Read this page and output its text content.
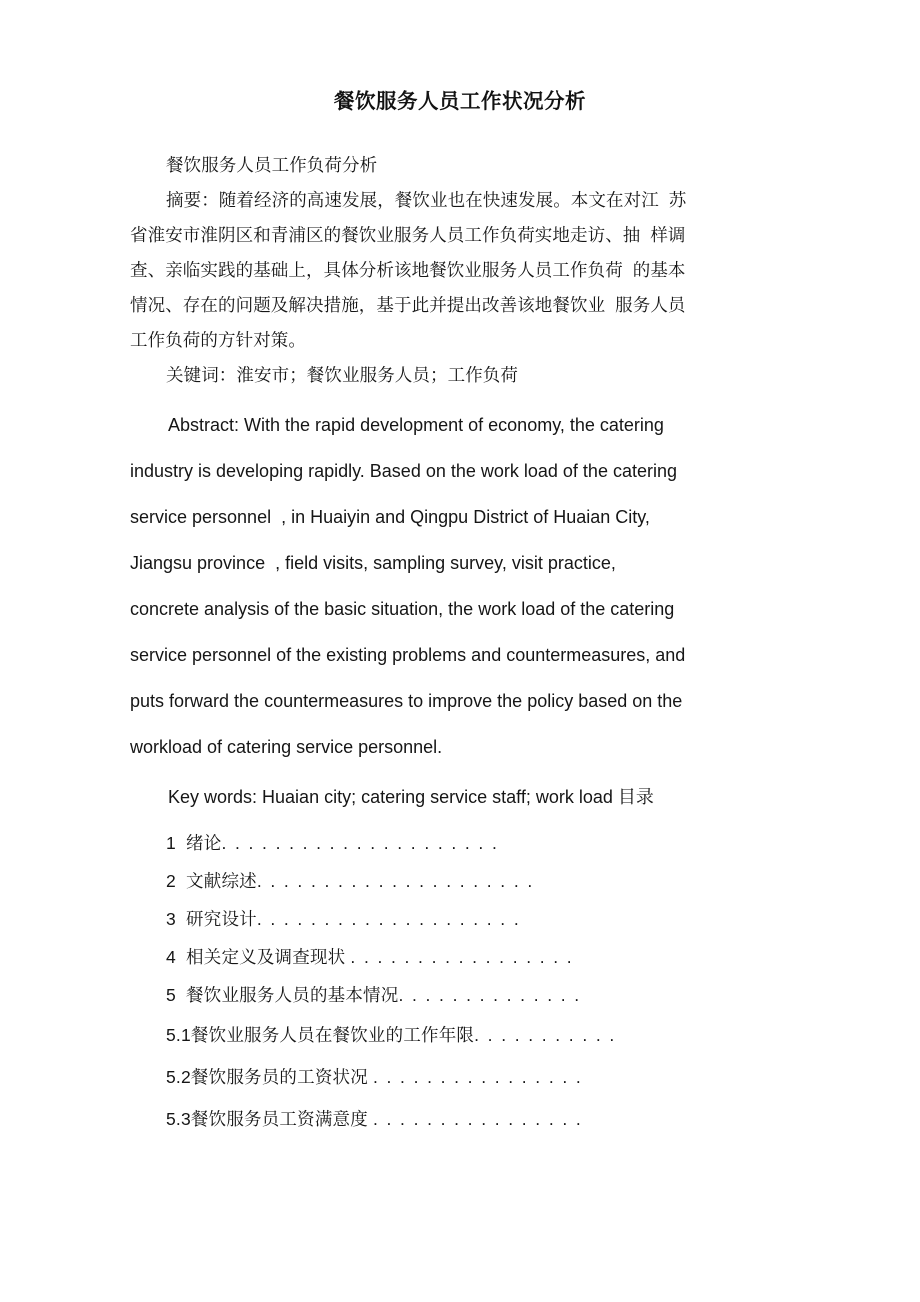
餐饮服务人员工作状况分析
餐饮服务人员工作负荷分析
摘要：随着经济的高速发展，餐饮业也在快速发展。本文在对江  苏
省淮安市淮阴区和青浦区的餐饮业服务人员工作负荷实地走访、抽  样调
查、亲临实践的基础上，具体分析该地餐饮业服务人员工作负荷  的基本
情况、存在的问题及解决措施，基于此并提出改善该地餐饮业  服务人员
工作负荷的方针对策。
关键词：淮安市；餐饮业服务人员；工作负荷
Abstract: With the rapid development of economy, the catering
industry is developing rapidly. Based on the work load of the catering
service personnel  , in Huaiyin and Qingpu District of Huaian City,
Jiangsu province  , field visits, sampling survey, visit practice,
concrete analysis of the basic situation, the work load of the catering
service personnel of the existing problems and countermeasures, and
puts forward the countermeasures to improve the policy based on the
workload of catering service personnel.
Key words: Huaian city; catering service staff; work load 目录
1  绪论. . . . . . . . . . . . . . . . . . . . .
2  文献综述. . . . . . . . . . . . . . . . . . . . .
3  研究设计. . . . . . . . . . . . . . . . . . . .
4  相关定义及调查现状 . . . . . . . . . . . . . . . . .
5  餐饮业服务人员的基本情况. . . . . . . . . . . . . .
5.1餐饮业服务人员在餐饮业的工作年限. . . . . . . . . . .
5.2餐饮服务员的工资状况 . . . . . . . . . . . . . . . .
5.3餐饮服务员工资满意度 . . . . . . . . . . . . . . . .
